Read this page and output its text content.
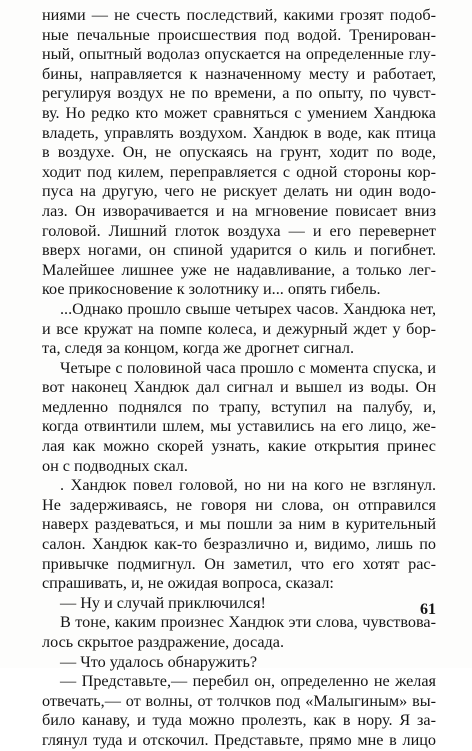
ниями — не счесть последствий, какими грозят подоб-
ные печальные происшествия под водой. Тренирован-
ный, опытный водолаз опускается на определенные глу-
бины, направляется к назначенному месту и работает,
регулируя воздух не по времени, а по опыту, по чувст-
ву. Но редко кто может сравняться с умением Хандюка
владеть, управлять воздухом. Хандюк в воде, как птица
в воздухе. Он, не опускаясь на грунт, ходит по воде,
ходит под килем, переправляется с одной стороны кор-
пуса на другую, чего не рискует делать ни один водо-
лаз. Он изворачивается и на мгновение повисает вниз
головой. Лишний глоток воздуха — и его перевернет
вверх ногами, он спиной ударится о киль и погибнет.
Малейшее лишнее уже не надавливание, а только лег-
кое прикосновение к золотнику и... опять гибель.
...Однако прошло свыше четырех часов. Хандюка нет,
и все кружат на помпе колеса, и дежурный ждет у бор-
та, следя за концом, когда же дрогнет сигнал.
Четыре с половиной часа прошло с момента спуска, и
вот наконец Хандюк дал сигнал и вышел из воды. Он
медленно поднялся по трапу, вступил на палубу, и,
когда отвинтили шлем, мы уставились на его лицо, же-
лая как можно скорей узнать, какие открытия принес
он с подводных скал.
. Хандюк повел головой, но ни на кого не взглянул.
Не задерживаясь, не говоря ни слова, он отправился
наверх раздеваться, и мы пошли за ним в курительный
салон. Хандюк как-то безразлично и, видимо, лишь по
привычке подмигнул. Он заметил, что его хотят рас-
спрашивать, и, не ожидая вопроса, сказал:
— Ну и случай приключился!
В тоне, каким произнес Хандюк эти слова, чувствова-
лось скрытое раздражение, досада.
— Что удалось обнаружить?
— Представьте,— перебил он, определенно не желая
отвечать,— от волны, от толчков под «Малыгиным» вы-
било канаву, и туда можно пролезть, как в нору. Я за-
глянул туда и отскочил. Представьте, прямо мне в лицо
61
